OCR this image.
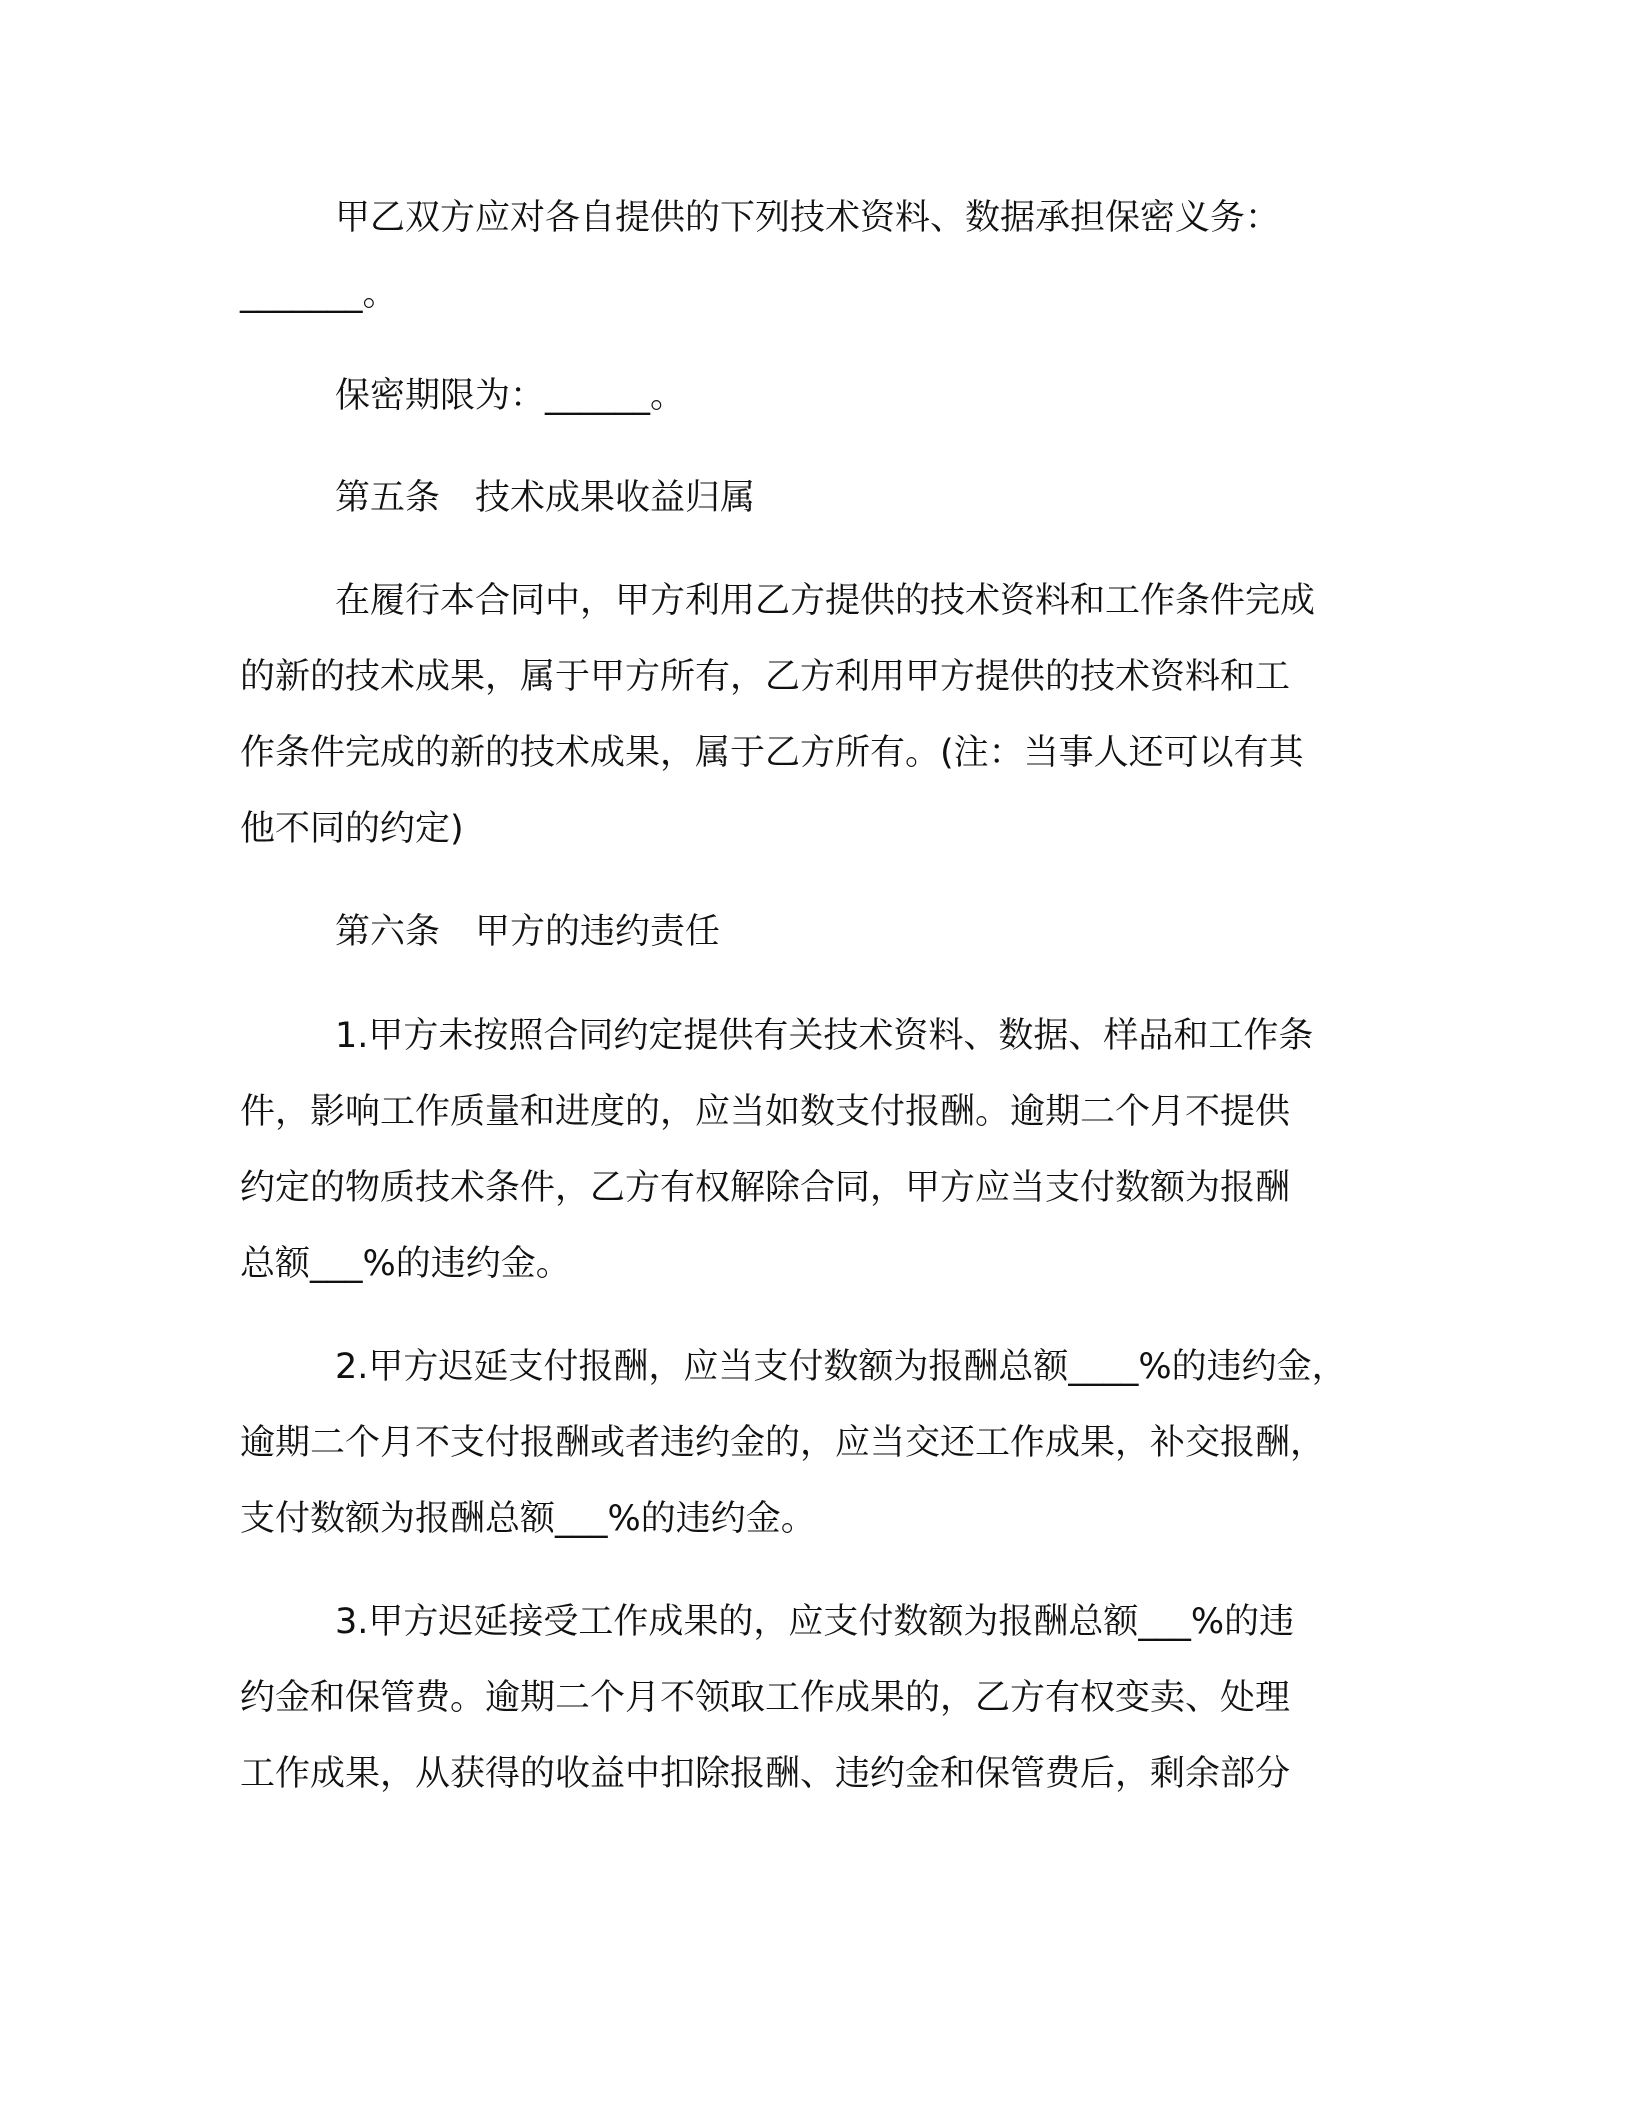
甲乙双方应对各自提供的下列技术资料、数据承担保密义务：

_______。

保密期限为：______。

第五条　技术成果收益归属

在履行本合同中，甲方利用乙方提供的技术资料和工作条件完成

的新的技术成果，属于甲方所有，乙方利用甲方提供的技术资料和工

作条件完成的新的技术成果，属于乙方所有。(注：当事人还可以有其

他不同的约定)

第六条　甲方的违约责任

1.甲方未按照合同约定提供有关技术资料、数据、样品和工作条

件，影响工作质量和进度的，应当如数支付报酬。逾期二个月不提供

约定的物质技术条件，乙方有权解除合同，甲方应当支付数额为报酬

总额___%的违约金。

2.甲方迟延支付报酬，应当支付数额为报酬总额____%的违约金，

逾期二个月不支付报酬或者违约金的，应当交还工作成果，补交报酬，

支付数额为报酬总额___%的违约金。

3.甲方迟延接受工作成果的，应支付数额为报酬总额___%的违

约金和保管费。逾期二个月不领取工作成果的，乙方有权变卖、处理

工作成果，从获得的收益中扣除报酬、违约金和保管费后，剩余部分
